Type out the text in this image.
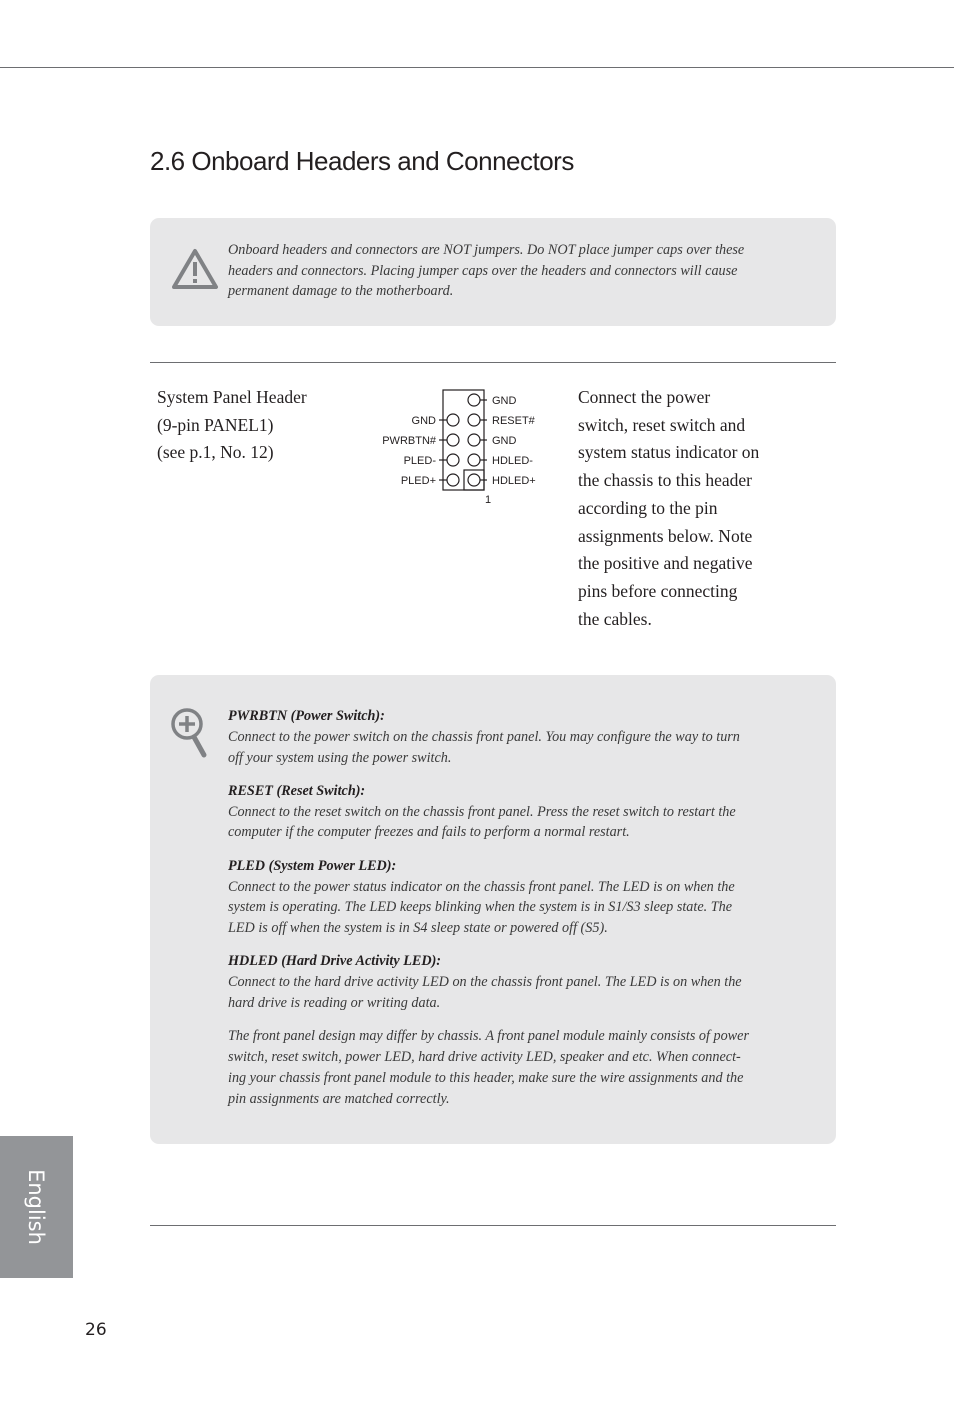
2.6 Onboard Headers and Connectors
Onboard headers and connectors are NOT jumpers. Do NOT place jumper caps over these
headers and connectors. Placing jumper caps over the headers and connectors will cause
permanent damage to the motherboard.
System Panel Header
(9-pin PANEL1)
(see p.1, No. 12)
GND
RESET#
GND
HDLED-
HDLED+
GND
PWRBTN#
PLED-
PLED+
1
Connect the power
switch, reset switch and
system status indicator on
the chassis to this header
according to the pin
assignments below. Note
the positive and negative
pins before connecting
the cables.
PWRBTN (Power Switch):
Connect to the power switch on the chassis front panel. You may configure the way to turn
off your system using the power switch.
RESET (Reset Switch):
Connect to the reset switch on the chassis front panel. Press the reset switch to restart the
computer if the computer freezes and fails to perform a normal restart.
PLED (System Power LED):
Connect to the power status indicator on the chassis front panel. The LED is on when the
system is operating. The LED keeps blinking when the system is in S1/S3 sleep state. The
LED is off when the system is in S4 sleep state or powered off (S5).
HDLED (Hard Drive Activity LED):
Connect to the hard drive activity LED on the chassis front panel. The LED is on when the
hard drive is reading or writing data.
The front panel design may differ by chassis. A front panel module mainly consists of power
switch, reset switch, power LED, hard drive activity LED, speaker and etc. When connect-
ing your chassis front panel module to this header, make sure the wire assignments and the
pin assignments are matched correctly.
English
26
